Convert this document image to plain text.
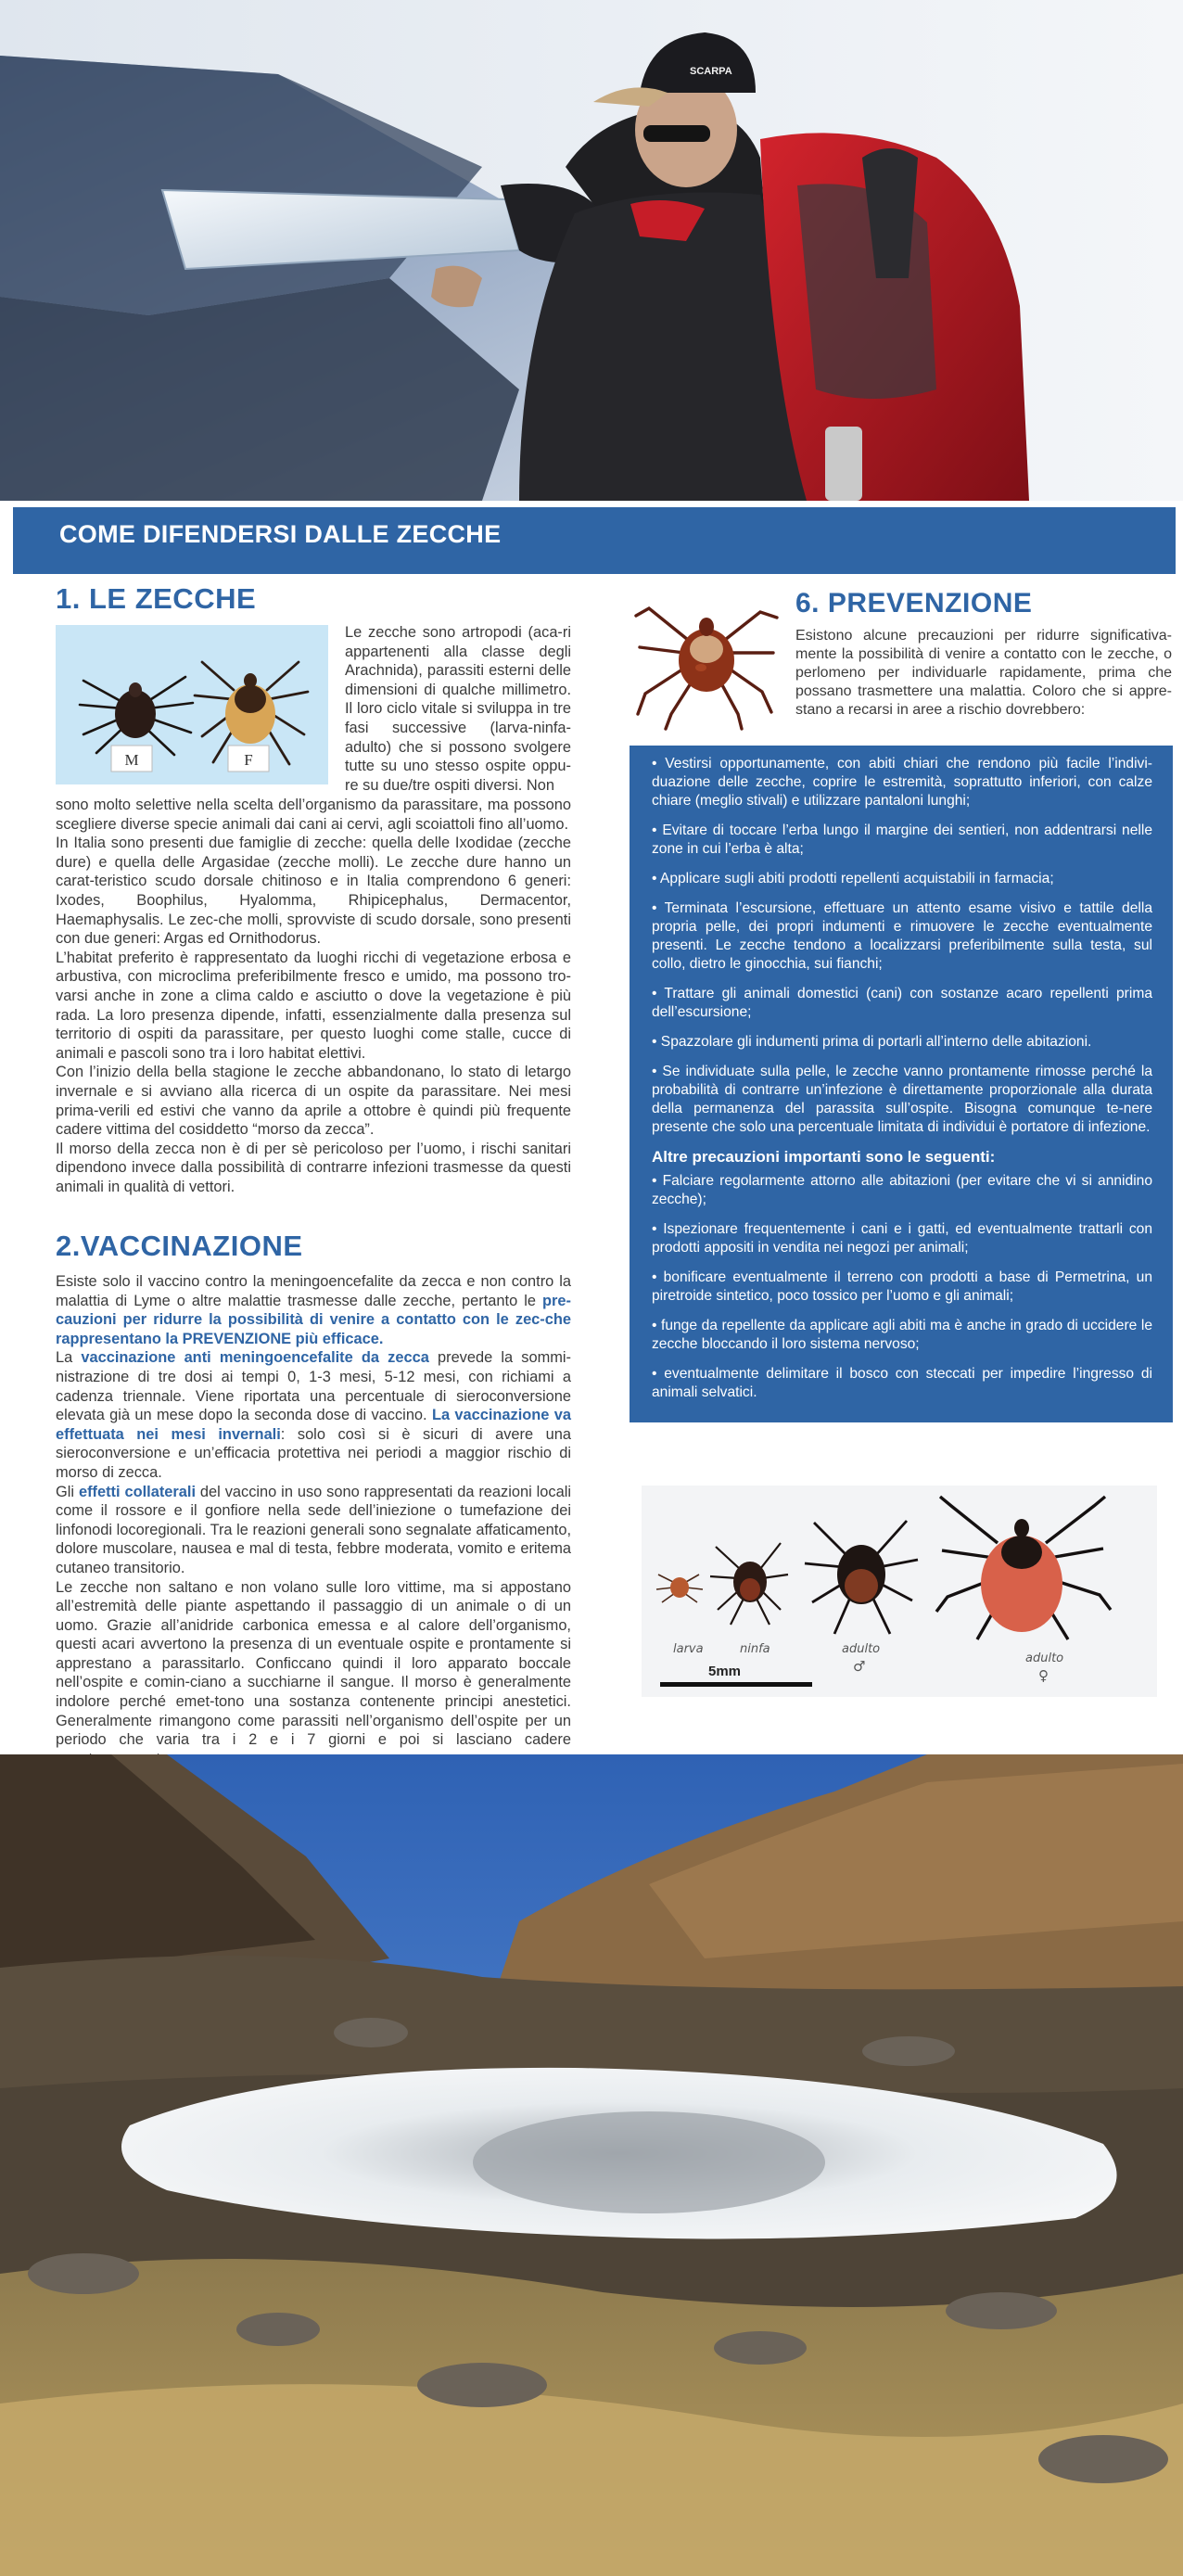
SCARPA
COME DIFENDERSI DALLE ZECCHE
1. LE ZECCHE
M	F
Le zecche sono artropodi (aca-ri appartenenti alla classe degli Arachnida), parassiti esterni delle dimensioni di qualche millimetro. Il loro ciclo vitale si sviluppa in tre fasi successive (larva-ninfa-adulto) che si possono svolgere tutte su uno stesso ospite oppu-re su due/tre ospiti diversi. Non

sono molto selettive nella scelta dell’organismo da parassitare, ma possono scegliere diverse specie animali dai cani ai cervi, agli scoiattoli fino all’uomo.

In Italia sono presenti due famiglie di zecche: quella delle Ixodidae (zecche dure) e quella delle Argasidae (zecche molli). Le zecche dure hanno un carat-teristico scudo dorsale chitinoso e in Italia comprendono 6 generi: Ixodes, Boophilus, Hyalomma, Rhipicephalus, Dermacentor, Haemaphysalis. Le zec-che molli, sprovviste di scudo dorsale, sono presenti con due generi: Argas ed Ornithodorus.

L’habitat preferito è rappresentato da luoghi ricchi di vegetazione erbosa e arbustiva, con microclima preferibilmente fresco e umido, ma possono tro-varsi anche in zone a clima caldo e asciutto o dove la vegetazione è più rada. La loro presenza dipende, infatti, essenzialmente dalla presenza sul territorio di ospiti da parassitare, per questo luoghi come stalle, cucce di animali e pascoli sono tra i loro habitat elettivi.

Con l’inizio della bella stagione le zecche abbandonano, lo stato di letargo invernale e si avviano alla ricerca di un ospite da parassitare. Nei mesi prima-verili ed estivi che vanno da aprile a ottobre è quindi più frequente cadere vittima del cosiddetto “morso da zecca”.

Il morso della zecca non è di per sè pericoloso per l’uomo, i rischi sanitari dipendono invece dalla possibilità di contrarre infezioni trasmesse da questi animali in qualità di vettori.

2.VACCINAZIONE

Esiste solo il vaccino contro la meningoencefalite da zecca e non contro la malattia di Lyme o altre malattie trasmesse dalle zecche, pertanto le pre-cauzioni per ridurre la possibilità di venire a contatto con le zec-che rappresentano la PREVENZIONE più efficace.

La vaccinazione anti meningoencefalite da zecca prevede la sommi-nistrazione di tre dosi ai tempi 0, 1-3 mesi, 5-12 mesi, con richiami a cadenza triennale. Viene riportata una percentuale di sieroconversione elevata già un mese dopo la seconda dose di vaccino. La vaccinazione va effettuata nei mesi invernali: solo così si è sicuri di avere una sieroconversione e un’efficacia protettiva nei periodi a maggior rischio di morso di zecca.

Gli effetti collaterali del vaccino in uso sono rappresentati da reazioni locali come il rossore e il gonfiore nella sede dell’iniezione o tumefazione dei linfonodi locoregionali. Tra le reazioni generali sono segnalate affaticamento, dolore muscolare, nausea e mal di testa, febbre moderata, vomito e eritema cutaneo transitorio.

Le zecche non saltano e non volano sulle loro vittime, ma si appostano all’estremità delle piante aspettando il passaggio di un animale o di un uomo. Grazie all’anidride carbonica emessa e al calore dell’organismo, questi acari avvertono la presenza di un eventuale ospite e prontamente si apprestano a parassitarlo. Conficcano quindi il loro apparato boccale nell’ospite e comin-ciano a succhiarne il sangue. Il morso è generalmente indolore perché emet-tono una sostanza contenente principi anestetici. Generalmente rimangono come parassiti nell’organismo dell’ospite per un periodo che varia tra i 2 e i 7 giorni e poi si lasciano cadere

6. PREVENZIONE
Esistono alcune precauzioni per ridurre significativa-mente la possibilità di venire a contatto con le zecche, o perlomeno per individuarle rapidamente, prima che possano trasmettere una malattia. Coloro che si appre-stano a recarsi in aree a rischio dovrebbero:
• Vestirsi opportunamente, con abiti chiari che rendono più facile l’indivi-duazione delle zecche, coprire le estremità, soprattutto inferiori, con calze chiare (meglio stivali) e utilizzare pantaloni lunghi;
• Evitare di toccare l’erba lungo il margine dei sentieri, non addentrarsi nelle zone in cui l’erba è alta;
• Applicare sugli abiti prodotti repellenti acquistabili in farmacia;
• Terminata l’escursione, effettuare un attento esame visivo e tattile della propria pelle, dei propri indumenti e rimuovere le zecche eventualmente presenti. Le zecche tendono a localizzarsi preferibilmente sulla testa, sul collo, dietro le ginocchia, sui fianchi;
• Trattare gli animali domestici (cani) con sostanze acaro repellenti prima dell’escursione;
• Spazzolare gli indumenti prima di portarli all’interno delle abitazioni.
• Se individuate sulla pelle, le zecche vanno prontamente rimosse perché la probabilità di contrarre un’infezione è direttamente proporzionale alla durata della permanenza del parassita sull’ospite. Bisogna comunque te-nere presente che solo una percentuale limitata di individui è portatore di infezione.
Altre precauzioni importanti sono le seguenti:
• Falciare regolarmente attorno alle abitazioni (per evitare che vi si annidino zecche);
• Ispezionare frequentemente i cani e i gatti, ed eventualmente trattarli con prodotti appositi in vendita nei negozi per animali;
• bonificare eventualmente il terreno con prodotti a base di Permetrina, un piretroide sintetico, poco tossico per l’uomo e gli animali;
• funge da repellente da applicare agli abiti ma è anche in grado di uccidere le zecche bloccando il loro sistema nervoso;
• eventualmente delimitare il bosco con steccati per impedire l’ingresso di animali selvatici.
larva	ninfa	adulto
♂	adulto
♀
5mm
